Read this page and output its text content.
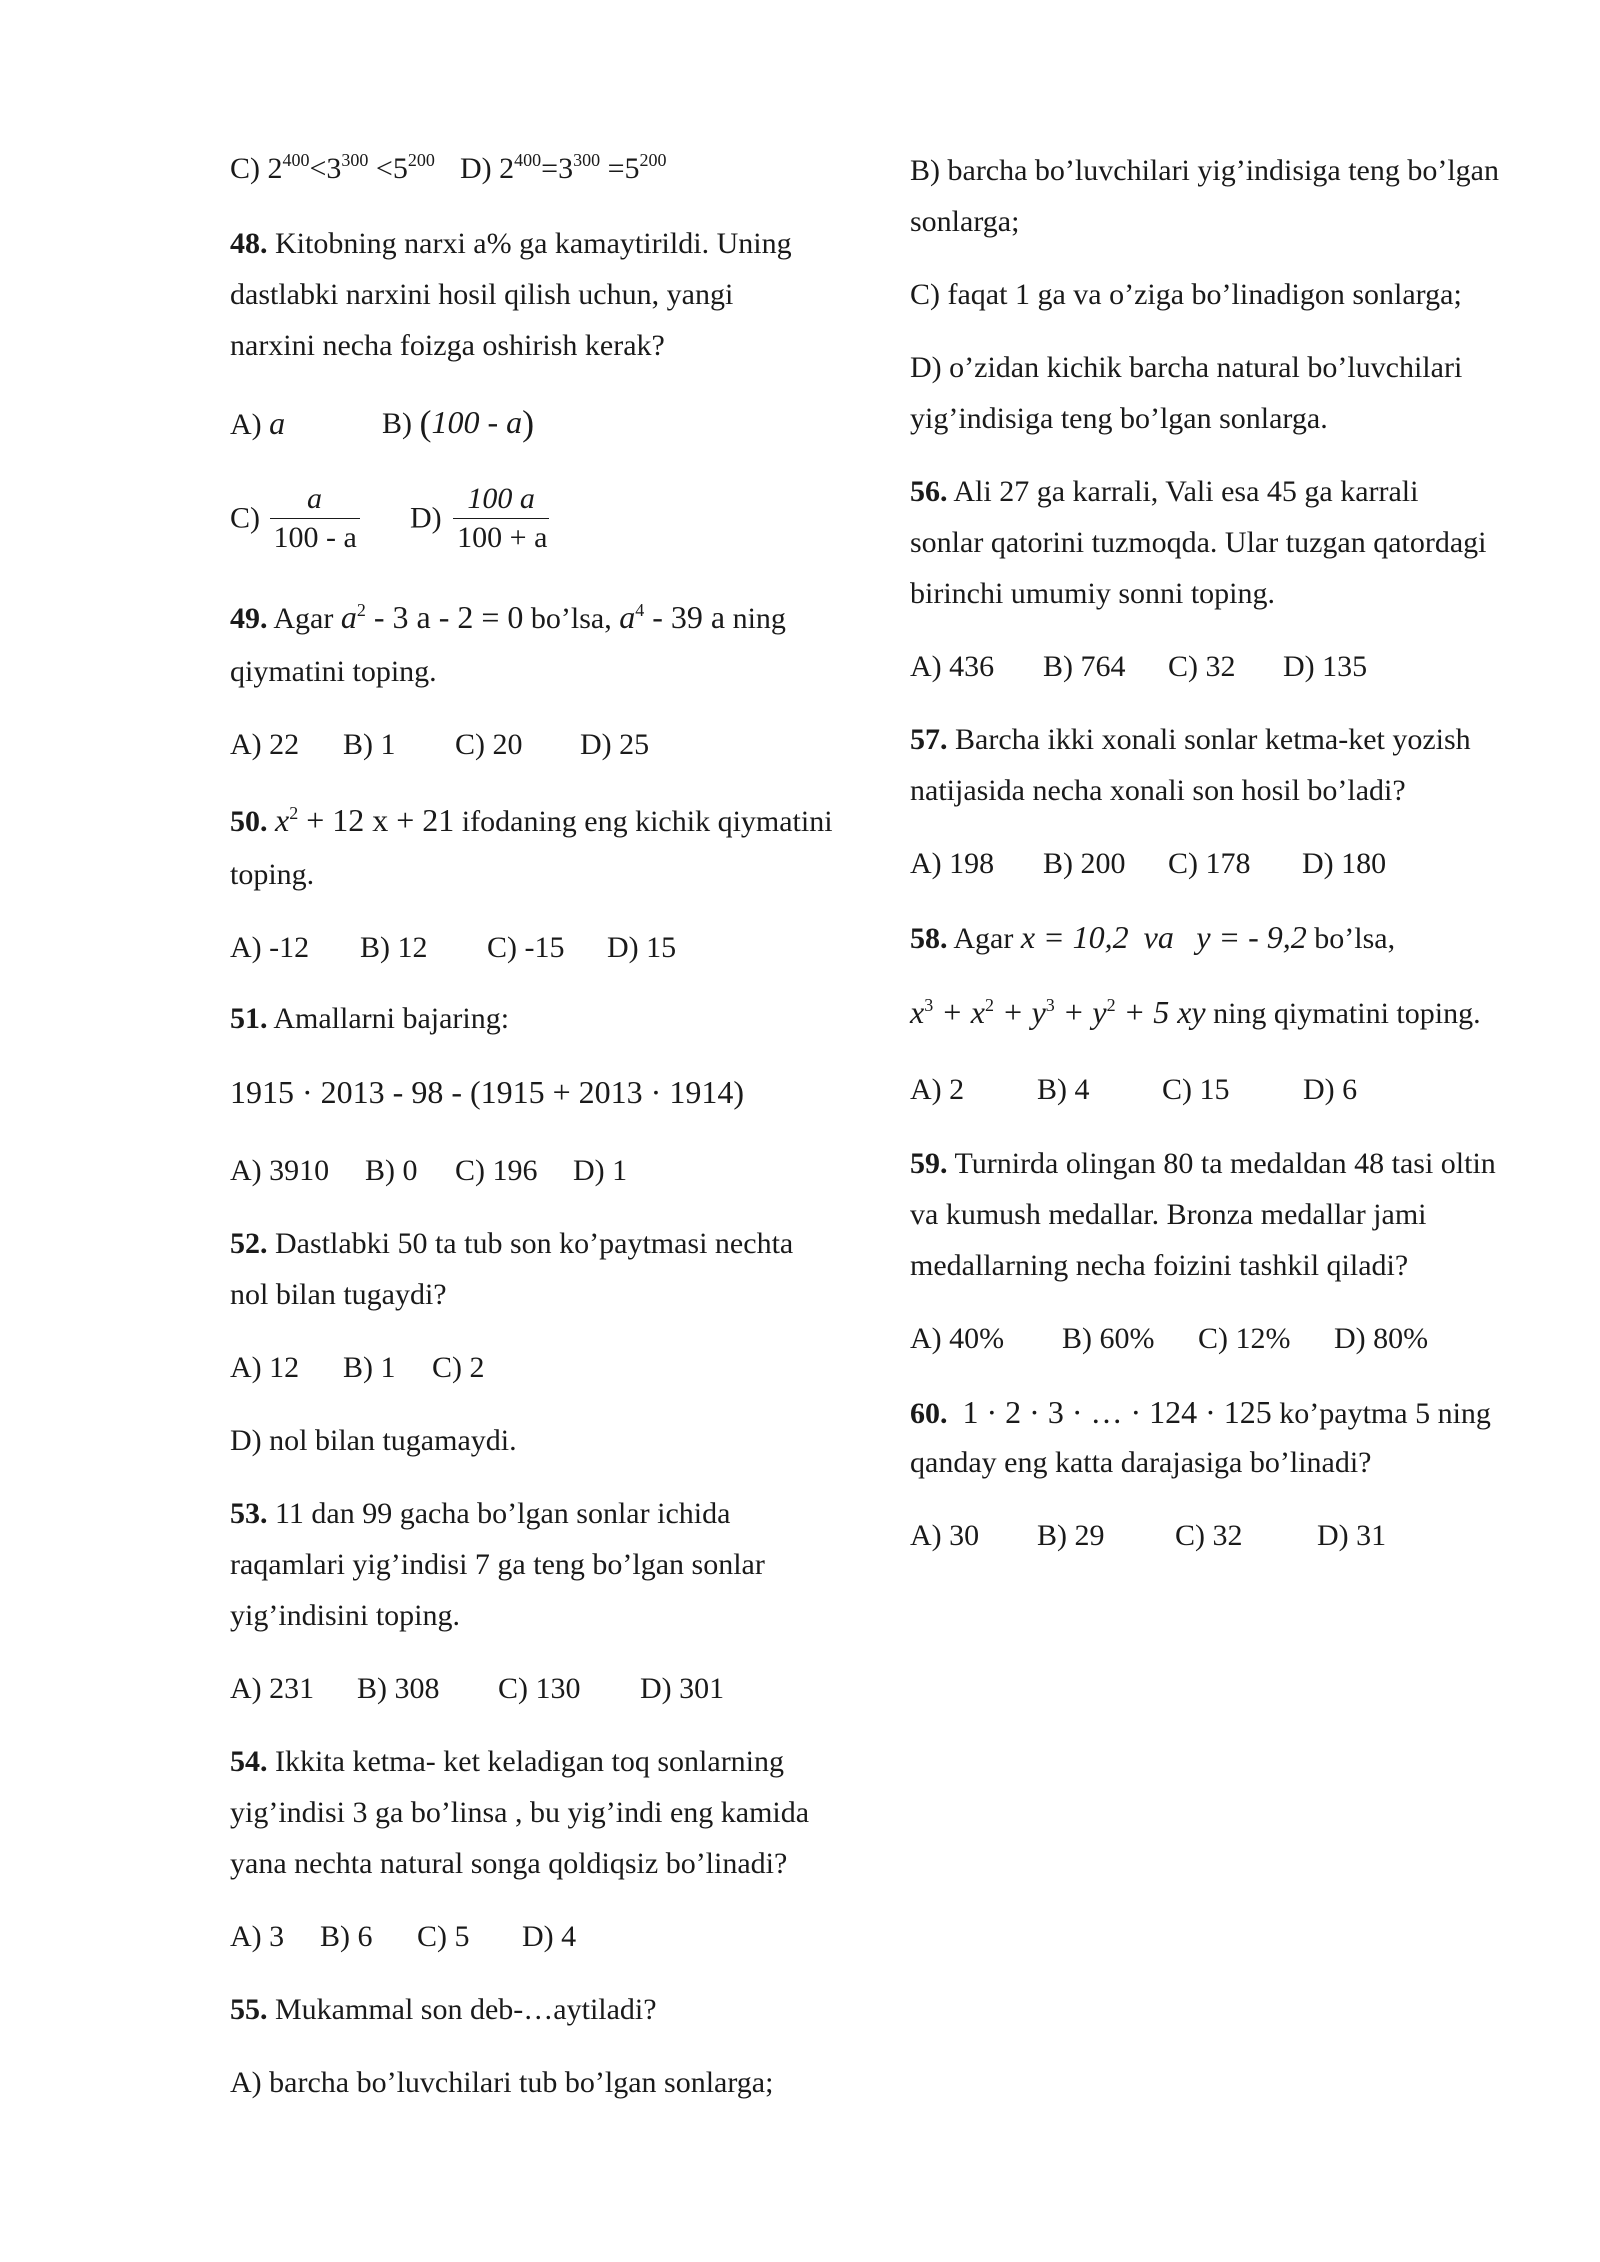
C) $2^{400}<3^{300} <5^{200}$ D) $2^{400}=3^{300} =5^{200}$
48. Kitobning narxi a% ga kamaytirildi. Uning
dastlabki narxini hosil qilish uchun, yangi
narxini necha foizga oshirish kerak?
A) a	B) (100 - a)
$C) \frac{a}{100 - a} D) \frac{100 a}{100 + a}$
49. Agar $a^2 - 3$ a - 2 = 0 bo’lsa, $a^4 - 39$ a ning
qiymatini toping.
A) 22 B) 1 C) 20 D) 25
50. $x^2 + 12$ x + 21 ifodaning eng kichik qiymatini
toping.
A) -12 B) 12 C) -15 D) 15
51. Amallarni bajaring:
1915 · 2013 - 98 - (1915 + 2013 · 1914)
A) 3910 B) 0 C) 196 D) 1
52. Dastlabki 50 ta tub son ko’paytmasi nechta
nol bilan tugaydi?
A) 12 B) 1 C) 2
D) nol bilan tugamaydi.
53. 11 dan 99 gacha bo’lgan sonlar ichida
raqamlari yig’indisi 7 ga teng bo’lgan sonlar
yig’indisini toping.
A) 231 B) 308 C) 130 D) 301
54. Ikkita ketma- ket keladigan toq sonlarning
yig’indisi 3 ga bo’linsa , bu yig’indi eng kamida
yana nechta natural songa qoldiqsiz bo’linadi?
A) 3 B) 6 C) 5 D) 4
55. Mukammal son deb-…aytiladi?
A) barcha bo’luvchilari tub bo’lgan sonlarga;
B) barcha bo’luvchilari yig’indisiga teng bo’lgan
sonlarga;
C) faqat 1 ga va o’ziga bo’linadigon sonlarga;
D) o’zidan kichik barcha natural bo’luvchilari
yig’indisiga teng bo’lgan sonlarga.
56. Ali 27 ga karrali, Vali esa 45 ga karrali
sonlar qatorini tuzmoqda. Ular tuzgan qatordagi
birinchi umumiy sonni toping.
A) 436 B) 764 C) 32 D) 135
57. Barcha ikki xonali sonlar ketma-ket yozish
natijasida necha xonali son hosil bo’ladi?
A) 198 B) 200 C) 178 D) 180
58. Agar x = 10,2 va y = - 9,2 bo’lsa,
$x^3 + x^2 + y^3 + y^2 + 5$ xy ning qiymatini toping.
A) 2 B) 4 C) 15 D) 6
59. Turnirda olingan 80 ta medaldan 48 tasi oltin
va kumush medallar. Bronza medallar jami
medallarning necha foizini tashkil qiladi?
A) 40% B) 60% C) 12% D) 80%
60. 1 · 2 · 3 · … · 124 · 125 ko’paytma 5 ning
qanday eng katta darajasiga bo’linadi?
A) 30 B) 29 C) 32 D) 31
